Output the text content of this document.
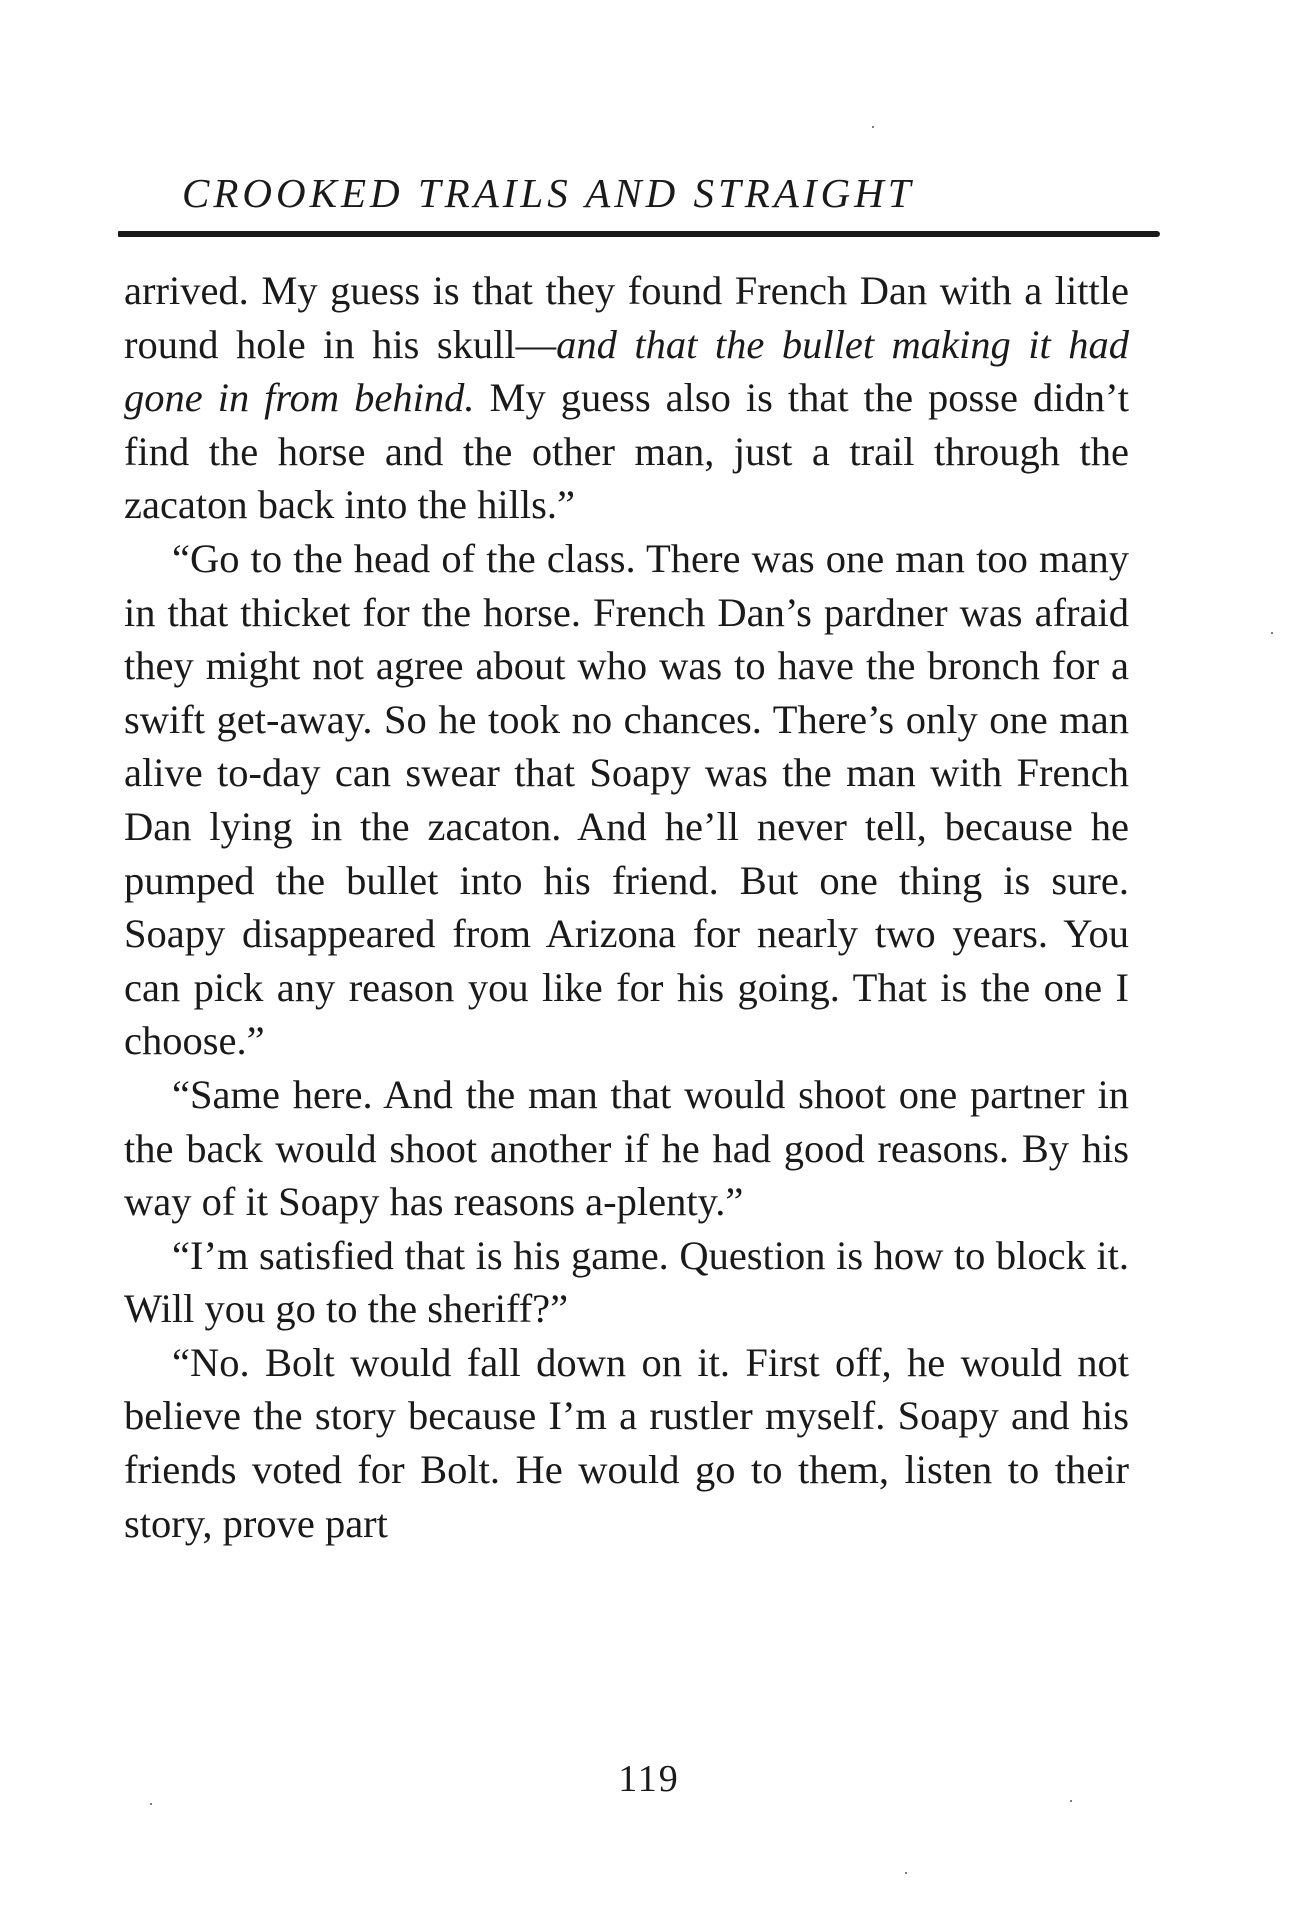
CROOKED TRAILS AND STRAIGHT

arrived. My guess is that they found French Dan with a little round hole in his skull—and that the bullet making it had gone in from behind. My guess also is that the posse didn’t find the horse and the other man, just a trail through the zacaton back into the hills.”

“Go to the head of the class. There was one man too many in that thicket for the horse. French Dan’s pardner was afraid they might not agree about who was to have the bronch for a swift get-away. So he took no chances. There’s only one man alive to-day can swear that Soapy was the man with French Dan lying in the zacaton. And he’ll never tell, because he pumped the bullet into his friend. But one thing is sure. Soapy disappeared from Arizona for nearly two years. You can pick any reason you like for his going. That is the one I choose.”

“Same here. And the man that would shoot one partner in the back would shoot another if he had good reasons. By his way of it Soapy has reasons a-plenty.”

“I’m satisfied that is his game. Question is how to block it. Will you go to the sheriff?”

“No. Bolt would fall down on it. First off, he would not believe the story because I’m a rustler myself. Soapy and his friends voted for Bolt. He would go to them, listen to their story, prove part

119
